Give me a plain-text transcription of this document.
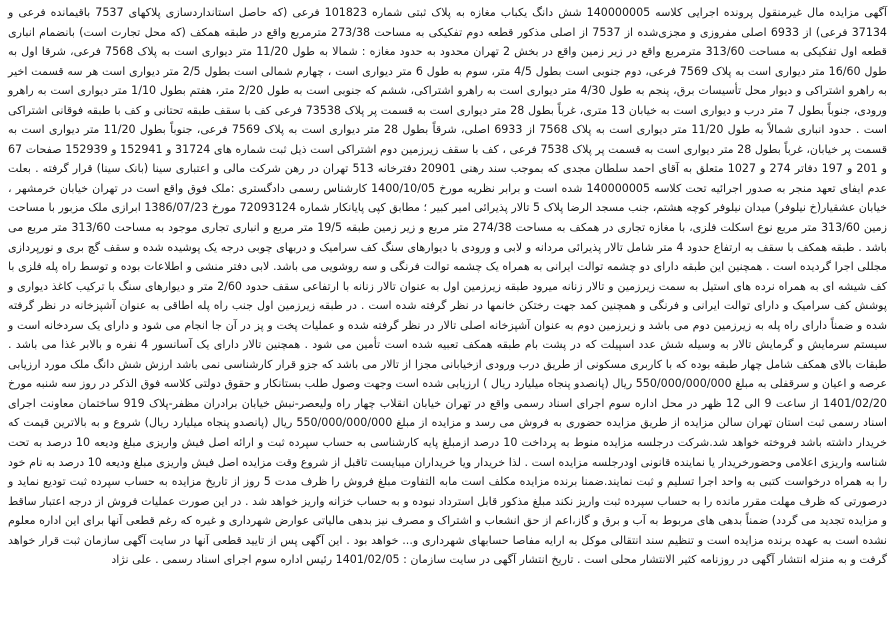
آگهی مزایده مال غیرمنقول پرونده اجرایی کلاسه 140000005 شش دانگ یکباب مغازه به پلاک ثبتی شماره 101823 فرعی (که حاصل استانداردسازی پلاکهای 7537 باقیمانده فرعی و 37134 فرعی) از 6933 اصلی مفروزی و مجزی‌شده از 7537 از اصلی مذکور قطعه دوم تفکیکی به مساحت 273/38 مترمربع واقع در طبقه همکف (که محل تجارت است) بانضمام انباری قطعه اول تفکیکی به مساحت 313/60 مترمربع واقع در زیر زمین واقع در بخش 2 تهران محدود به حدود مغازه : شمالا به طول 11/20 متر دیواری است به پلاک 7568 فرعی، شرقا اول به طول 16/60 متر دیواری است به پلاک 7569 فرعی، دوم جنوبی است بطول 4/5 متر، سوم به طول 6 متر دیواری است ، چهارم شمالی است بطول 2/5 متر دیواری است هر سه قسمت اخیر به راهرو اشتراکی و دیوار محل تأسیسات برق، پنجم به طول 4/30 متر دیواری است به راهرو اشتراکی، ششم که جنوبی است به طول 2/20 متر، هفتم بطول 1/10 متر دیواری است به راهرو ورودی، جنوباً بطول 7 متر درب و دیواری است به خیابان 13 متری، غرباً بطول 28 متر دیواری است به قسمت پر پلاک 73538 فرعی کف با سقف طبقه تحتانی و کف با طبقه فوقانی اشتراکی است . حدود انباری شمالاً به طول 11/20 متر دیواری است به پلاک 7568 از 6933 اصلی، شرقاً بطول 28 متر دیواری است به پلاک 7569 فرعی، جنوباً بطول 11/20 متر دیواری است به قسمت پر خیابان، غرباً بطول 28 متر دیواری است به قسمت پر پلاک 7538 فرعی ، کف با سقف زیرزمین دوم اشتراکی است ذیل ثبت شماره های 31724 و 152941 و 152939 صفحات 67 و 201 و 197 دفاتر 274 و 1027 متعلق به آقای احمد سلطان مجدی که بموجب سند رهنی 20901 دفترخانه 513 تهران در رهن شرکت مالی و اعتباری سینا (بانک سینا) قرار گرفته . بعلت عدم ایفای تعهد منجر به صدور اجرائیه تحت کلاسه 140000005 شده است و برابر نظریه مورخ 1400/10/05 کارشناس رسمی دادگستری :ملک فوق واقع است در تهران خیابان خرمشهر ، خیابان عشقیار(خ نیلوفر) میدان نیلوفر کوچه هشتم، جنب مسجد الرضا پلاک 5 تالار پذیرائی امیر کبیر ؛ مطابق کپی پایانکار شماره 72093124 مورخ 1386/07/23 ابرازی ملک مزبور با مساحت زمین 313/60 متر مربع نوع اسکلت فلزی، با مغازه تجاری در همکف به مساحت 274/38 متر مربع و زیر زمین طبقه 19/5 متر مربع و انباری تجاری موجود به مساحت 313/60 متر مربع می باشد . طبقه همکف با سقف به ارتفاع حدود 4 متر شامل تالار پذیرائی مردانه و لابی و ورودی با دیوارهای سنگ کف سرامیک و دربهای چوبی درجه یک پوشیده شده و سقف گچ بری و نورپردازی مجللی اجرا گردیده است . همچنین این طبقه دارای دو چشمه توالت ایرانی به همراه یک چشمه توالت فرنگی و سه روشویی می باشد. لابی دفتر منشی و اطلاعات بوده و توسط راه پله فلزی با کف شیشه ای به همراه نرده های استیل به سمت زیرزمین و تالار زنانه میرود طبقه زیرزمین اول به عنوان تالار زنانه با ارتفاعی سقف حدود 2/60 متر و دیوارهای سنگ با ترکیب کاغذ دیواری و پوشش کف سرامیک و دارای توالت ایرانی و فرنگی و همچنین کمد جهت رختکن خانمها در نظر گرفته شده است . در طبقه زیرزمین اول جنب راه پله اطاقی به عنوان آشپزخانه در نظر گرفته شده و ضمناً دارای راه پله به زیرزمین دوم می باشد و زیرزمین دوم به عنوان آشپزخانه اصلی تالار در نظر گرفته شده و عملیات پخت و پز در آن جا انجام می شود و دارای یک سردخانه است و سیستم سرمایش و گرمایش تالار به وسیله شش عدد اسپیلت که در پشت بام طبقه همکف تعبیه شده است تأمین می شود . همچنین تالار دارای یک آسانسور 4 نفره و بالابر غذا می باشد . طبقات بالای همکف شامل چهار طبقه بوده که با کاربری مسکونی از طریق درب ورودی ازخیابانی مجزا از تالار می باشد که جزو قرار کارشناسی نمی باشد ارزش شش دانگ ملک مورد ارزیابی عرصه و اعیان و سرقفلی به مبلغ 550/000/000/000 ریال (پانصدو پنجاه میلیارد ریال ) ارزیابی شده است وجهت وصول طلب بستانکار و حقوق دولتی کلاسه فوق الذکر در روز سه شنبه مورخ 1401/02/20 از ساعت 9 الی 12 ظهر در محل اداره سوم اجرای اسناد رسمی واقع در تهران خیابان انقلاب چهار راه ولیعصر-نبش خیابان برادران مظفر-پلاک 919 ساختمان معاونت اجرای اسناد رسمی ثبت استان تهران سالن مزایده از طریق مزایده حضوری به فروش می رسد و مزایده از مبلغ 550/000/000/000 ریال (پانصدو پنجاه میلیارد ریال) شروع و به بالاترین قیمت که خریدار داشته باشد فروخته خواهد شد.شرکت درجلسه مزایده منوط به پرداخت 10 درصد ازمبلغ پایه کارشناسی به حساب سپرده ثبت و ارائه اصل فیش واریزی مبلغ ودیعه 10 درصد به تحت شناسه واریزی اعلامی وحضورخریدار یا نماینده قانونی اودرجلسه مزایده است . لذا خریدار ویا خریداران میبایست تاقبل از شروع وقت مزایده اصل فیش واریزی مبلغ ودیعه 10 درصد به نام خود را به همراه درخواست کتبی به واحد اجرا تسلیم و ثبت نمایند.ضمنا برنده مزایده مکلف است مابه التفاوت مبلغ فروش را ظرف مدت 5 روز از تاریخ مزایده به حساب سپرده ثبت تودیع نماید و درصورتی که ظرف مهلت مقرر مانده را به حساب سپرده ثبت واریز نکند مبلغ مذکور قابل استرداد نبوده و به حساب خزانه واریز خواهد شد . در این صورت عملیات فروش از درجه اعتبار ساقط و مزایده تجدید می گردد) ضمناً بدهی های مربوط به آب و برق و گاز،اعم از حق انشعاب و اشتراک و مصرف نیز بدهی مالیاتی عوارض شهرداری و غیره که رغم قطعی آنها برای این اداره معلوم نشده است به عهده برنده مزایده است و تنظیم سند انتقالی موکل به ارایه مفاصا حسابهای شهرداری و... خواهد بود . این آگهی پس از تایید قطعی آنها در سایت آگهی سازمان ثبت قرار خواهد گرفت و به منزله انتشار آگهی در روزنامه کثیر الانتشار محلی است . تاریخ انتشار آگهی در سایت سازمان : 1401/02/05 رئیس اداره سوم اجرای اسناد رسمی . علی نژاد
